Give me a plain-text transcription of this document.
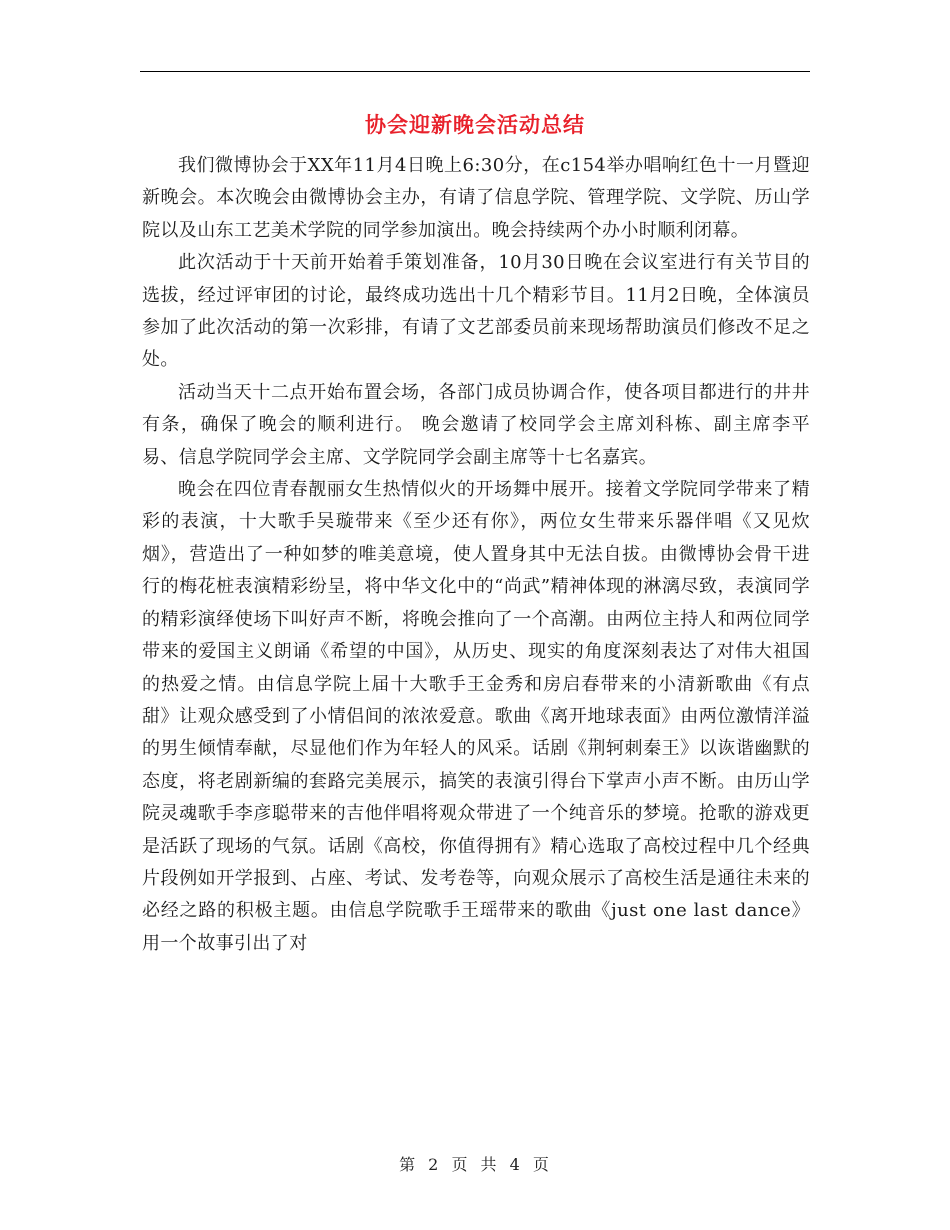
协会迎新晚会活动总结

我们微博协会于XX年11月4日晚上6:30分，在c154举办唱响红色十一月暨迎新晚会。本次晚会由微博协会主办，有请了信息学院、管理学院、文学院、历山学院以及山东工艺美术学院的同学参加演出。晚会持续两个办小时顺利闭幕。

此次活动于十天前开始着手策划准备，10月30日晚在会议室进行有关节目的选拔，经过评审团的讨论，最终成功选出十几个精彩节目。11月2日晚，全体演员参加了此次活动的第一次彩排，有请了文艺部委员前来现场帮助演员们修改不足之处。

活动当天十二点开始布置会场，各部门成员协调合作，使各项目都进行的井井有条，确保了晚会的顺利进行。 晚会邀请了校同学会主席刘科栋、副主席李平易、信息学院同学会主席、文学院同学会副主席等十七名嘉宾。

晚会在四位青春靓丽女生热情似火的开场舞中展开。接着文学院同学带来了精彩的表演，十大歌手吴璇带来《至少还有你》，两位女生带来乐器伴唱《又见炊烟》，营造出了一种如梦的唯美意境，使人置身其中无法自拔。由微博协会骨干进行的梅花桩表演精彩纷呈，将中华文化中的“尚武”精神体现的淋漓尽致，表演同学的精彩演绎使场下叫好声不断，将晚会推向了一个高潮。由两位主持人和两位同学带来的爱国主义朗诵《希望的中国》，从历史、现实的角度深刻表达了对伟大祖国的热爱之情。由信息学院上届十大歌手王金秀和房启春带来的小清新歌曲《有点甜》让观众感受到了小情侣间的浓浓爱意。歌曲《离开地球表面》由两位激情洋溢的男生倾情奉献，尽显他们作为年轻人的风采。话剧《荆轲刺秦王》以诙谐幽默的态度，将老剧新编的套路完美展示，搞笑的表演引得台下掌声小声不断。由历山学院灵魂歌手李彦聪带来的吉他伴唱将观众带进了一个纯音乐的梦境。抢歌的游戏更是活跃了现场的气氛。话剧《高校，你值得拥有》精心选取了高校过程中几个经典片段例如开学报到、占座、考试、发考卷等，向观众展示了高校生活是通往未来的必经之路的积极主题。由信息学院歌手王瑶带来的歌曲《just one last dance》用一个故事引出了对

第 2 页 共 4 页
